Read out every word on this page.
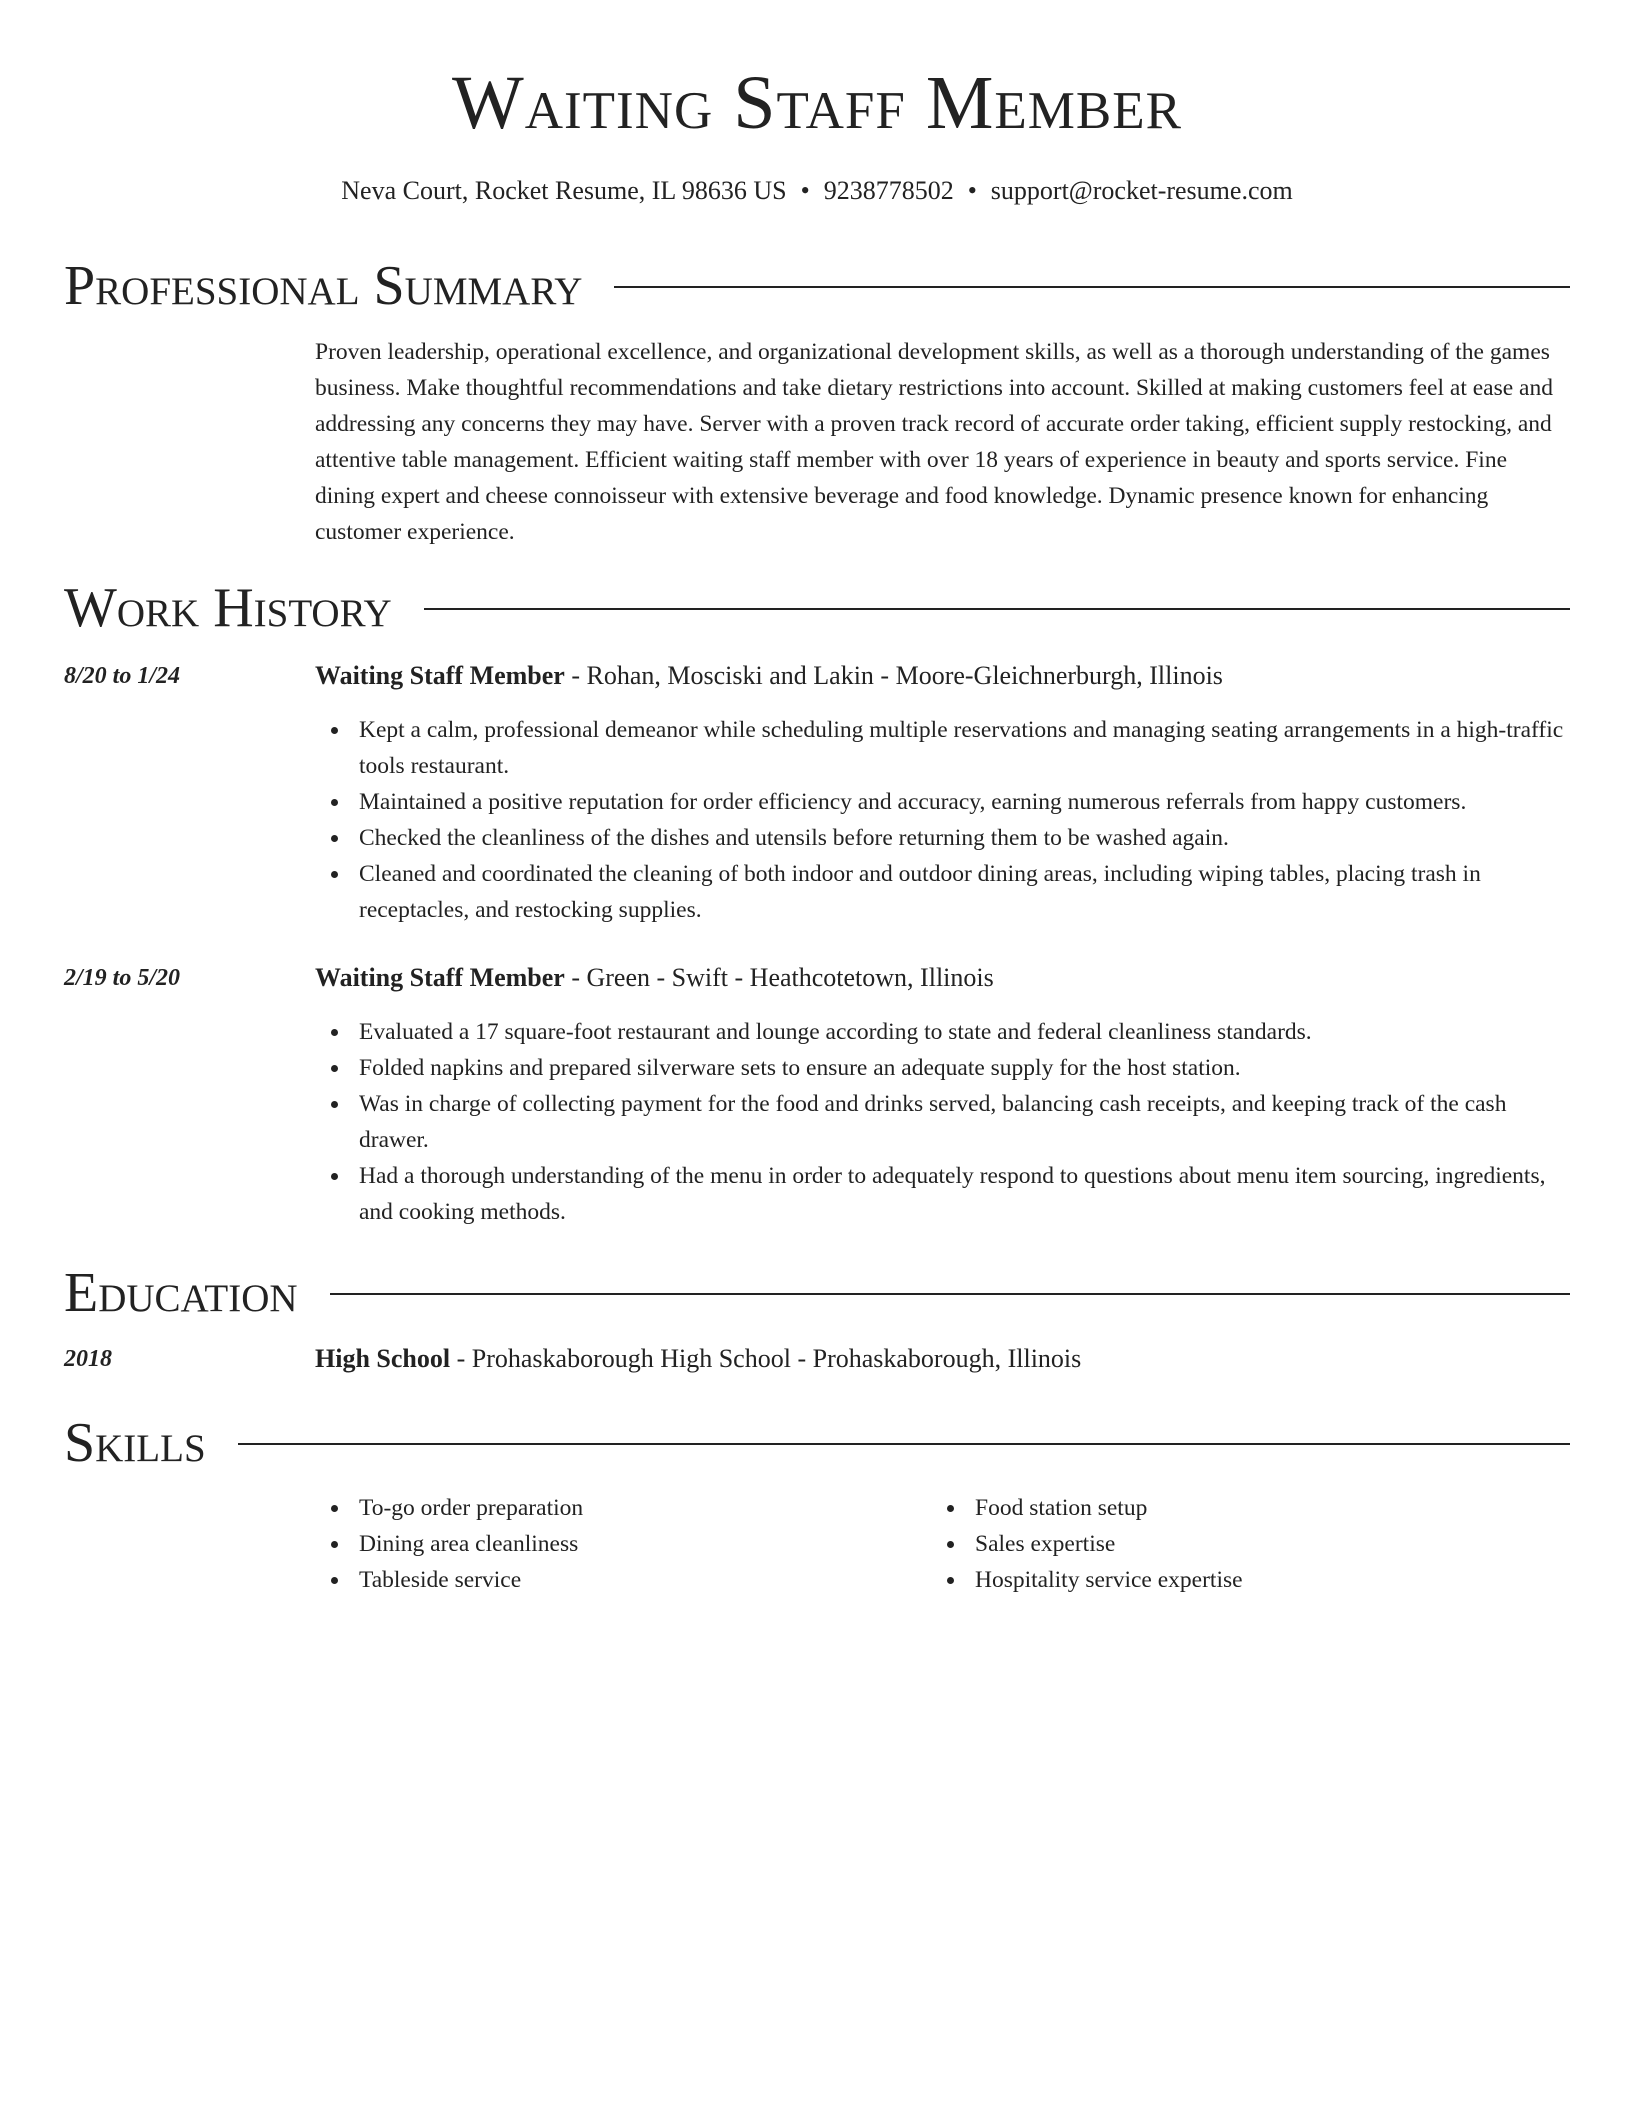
Waiting Staff Member
Neva Court, Rocket Resume, IL 98636 US • 9238778502 • support@rocket-resume.com
Professional Summary
Proven leadership, operational excellence, and organizational development skills, as well as a thorough understanding of the games business. Make thoughtful recommendations and take dietary restrictions into account. Skilled at making customers feel at ease and addressing any concerns they may have. Server with a proven track record of accurate order taking, efficient supply restocking, and attentive table management. Efficient waiting staff member with over 18 years of experience in beauty and sports service. Fine dining expert and cheese connoisseur with extensive beverage and food knowledge. Dynamic presence known for enhancing customer experience.
Work History
8/20 to 1/24	Waiting Staff Member - Rohan, Mosciski and Lakin - Moore-Gleichnerburgh, Illinois
Kept a calm, professional demeanor while scheduling multiple reservations and managing seating arrangements in a high-traffic tools restaurant.
Maintained a positive reputation for order efficiency and accuracy, earning numerous referrals from happy customers.
Checked the cleanliness of the dishes and utensils before returning them to be washed again.
Cleaned and coordinated the cleaning of both indoor and outdoor dining areas, including wiping tables, placing trash in receptacles, and restocking supplies.
2/19 to 5/20	Waiting Staff Member - Green - Swift - Heathcotetown, Illinois
Evaluated a 17 square-foot restaurant and lounge according to state and federal cleanliness standards.
Folded napkins and prepared silverware sets to ensure an adequate supply for the host station.
Was in charge of collecting payment for the food and drinks served, balancing cash receipts, and keeping track of the cash drawer.
Had a thorough understanding of the menu in order to adequately respond to questions about menu item sourcing, ingredients, and cooking methods.
Education
2018	High School - Prohaskaborough High School - Prohaskaborough, Illinois
Skills
To-go order preparation
Dining area cleanliness
Tableside service
Food station setup
Sales expertise
Hospitality service expertise
